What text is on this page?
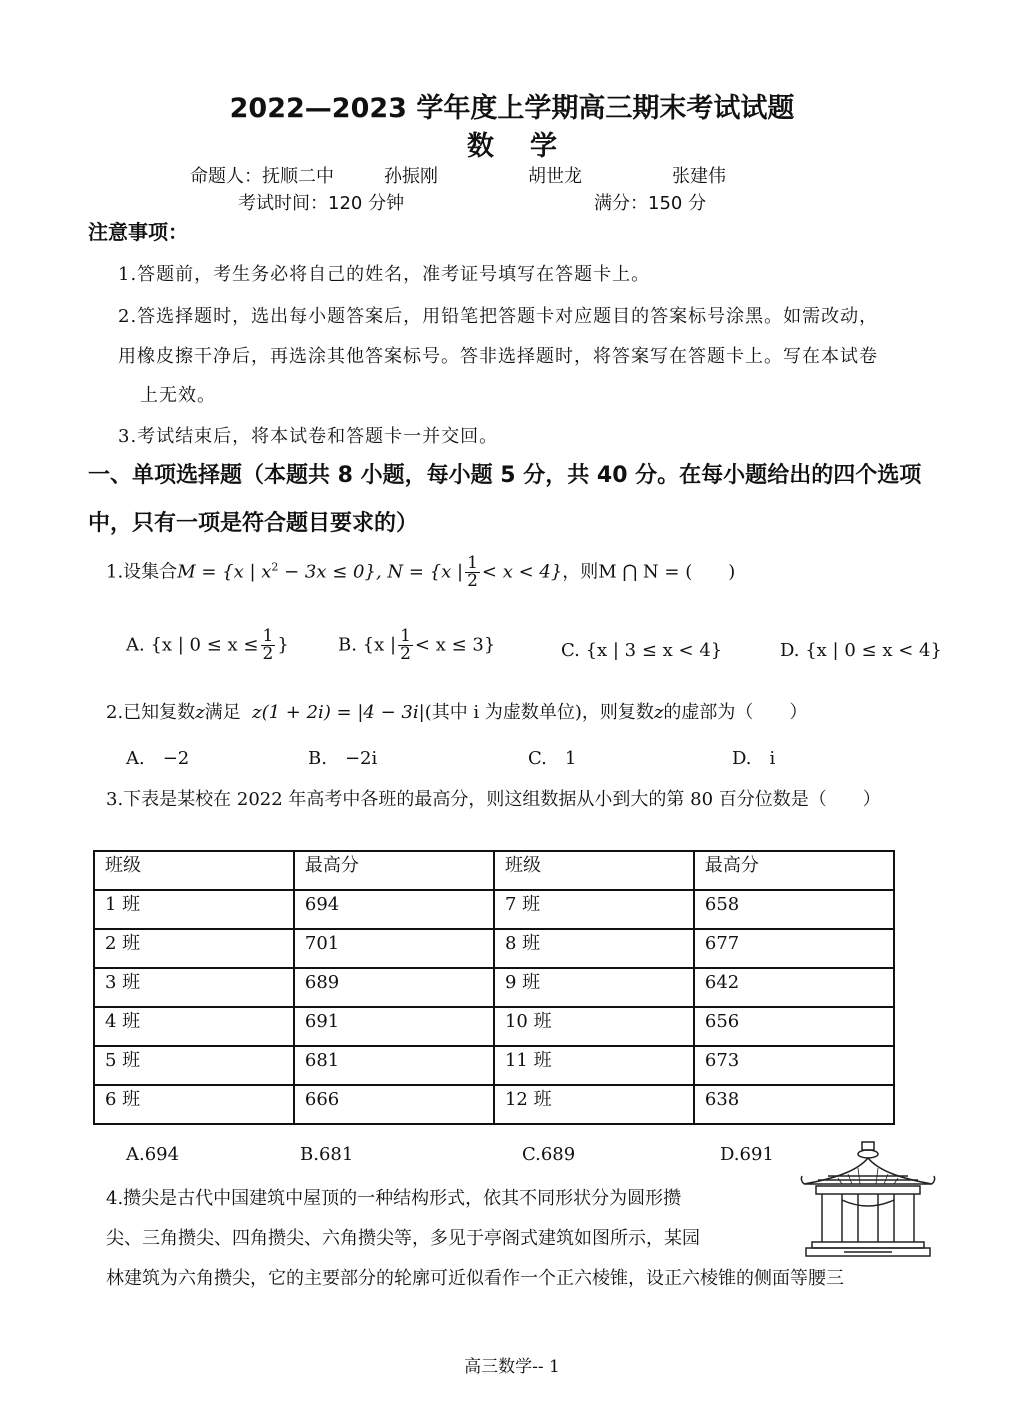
2022—2023 学年度上学期高三期末考试试题
数学
命题人：抚顺二中	孙振刚	胡世龙	张建伟
考试时间：120 分钟	满分：150 分
注意事项：
1.答题前，考生务必将自己的姓名，准考证号填写在答题卡上。
2.答选择题时，选出每小题答案后，用铅笔把答题卡对应题目的答案标号涂黑。如需改动，
用橡皮擦干净后，再选涂其他答案标号。答非选择题时，将答案写在答题卡上。写在本试卷
上无效。
3.考试结束后，将本试卷和答题卡一并交回。
一、单项选择题（本题共 8 小题，每小题 5 分，共 40 分。在每小题给出的四个选项
中，只有一项是符合题目要求的）
1.设集合M = {x | $x^2 - 3x \le 0$}, N = {x | $\frac{1}{2} < x < 4$}，则M ⋂ N = (　　)
A. {x | $0 \le x \le \frac{1}{2}$ }	B. {x | $\frac{1}{2} < x \le 3$}	C. {x | 3 ≤ x < 4}	D. {x | 0 ≤ x < 4}
2.已知复数z满足 z(1 + 2i) = |4 − 3i|(其中 i 为虚数单位)，则复数z的虚部为（　　）
A.　−2	B.　−2i	C.　1	D.　i
3.下表是某校在 2022 年高考中各班的最高分，则这组数据从小到大的第 80 百分位数是（　　）
班级	最高分	班级	最高分
1 班	694	7 班	658
2 班	701	8 班	677
3 班	689	9 班	642
4 班	691	10 班	656
5 班	681	11 班	673
6 班	666	12 班	638
A.694	B.681	C.689	D.691
4.攒尖是古代中国建筑中屋顶的一种结构形式，依其不同形状分为圆形攒
尖、三角攒尖、四角攒尖、六角攒尖等，多见于亭阁式建筑如图所示，某园
林建筑为六角攒尖，它的主要部分的轮廓可近似看作一个正六棱锥，设正六棱锥的侧面等腰三
高三数学-- 1
